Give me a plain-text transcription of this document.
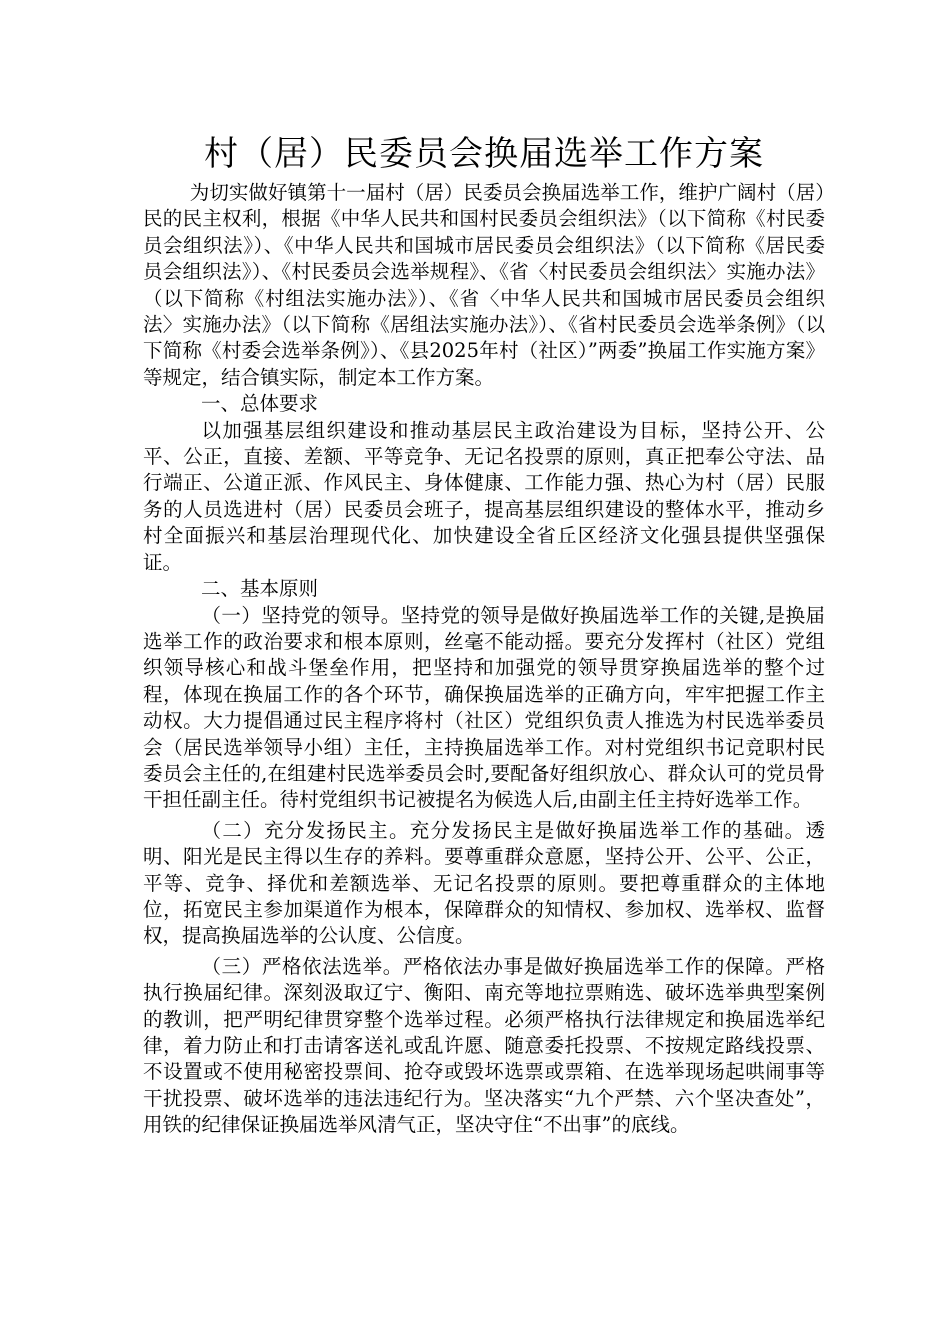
村（居）民委员会换届选举工作方案

为切实做好镇第十一届村（居）民委员会换届选举工作，维护广阔村（居）民的民主权利，根据《中华人民共和国村民委员会组织法》（以下简称《村民委员会组织法》）、《中华人民共和国城市居民委员会组织法》（以下简称《居民委员会组织法》）、《村民委员会选举规程》、《省〈村民委员会组织法〉实施办法》（以下简称《村组法实施办法》）、《省〈中华人民共和国城市居民委员会组织法〉实施办法》（以下简称《居组法实施办法》）、《省村民委员会选举条例》（以下简称《村委会选举条例》）、《县2025年村（社区）”两委”换届工作实施方案》等规定，结合镇实际，制定本工作方案。

一、总体要求

以加强基层组织建设和推动基层民主政治建设为目标，坚持公开、公平、公正，直接、差额、平等竞争、无记名投票的原则，真正把奉公守法、品行端正、公道正派、作风民主、身体健康、工作能力强、热心为村（居）民服务的人员选进村（居）民委员会班子，提高基层组织建设的整体水平，推动乡村全面振兴和基层治理现代化、加快建设全省丘区经济文化强县提供坚强保证。

二、基本原则

（一）坚持党的领导。坚持党的领导是做好换届选举工作的关键,是换届选举工作的政治要求和根本原则，丝毫不能动摇。要充分发挥村（社区）党组织领导核心和战斗堡垒作用，把坚持和加强党的领导贯穿换届选举的整个过程，体现在换届工作的各个环节，确保换届选举的正确方向，牢牢把握工作主动权。大力提倡通过民主程序将村（社区）党组织负责人推选为村民选举委员会（居民选举领导小组）主任，主持换届选举工作。对村党组织书记竞职村民委员会主任的,在组建村民选举委员会时,要配备好组织放心、群众认可的党员骨干担任副主任。待村党组织书记被提名为候选人后,由副主任主持好选举工作。

（二）充分发扬民主。充分发扬民主是做好换届选举工作的基础。透明、阳光是民主得以生存的养料。要尊重群众意愿，坚持公开、公平、公正，平等、竞争、择优和差额选举、无记名投票的原则。要把尊重群众的主体地位，拓宽民主参加渠道作为根本，保障群众的知情权、参加权、选举权、监督权，提高换届选举的公认度、公信度。

（三）严格依法选举。严格依法办事是做好换届选举工作的保障。严格执行换届纪律。深刻汲取辽宁、衡阳、南充等地拉票贿选、破坏选举典型案例的教训，把严明纪律贯穿整个选举过程。必须严格执行法律规定和换届选举纪律，着力防止和打击请客送礼或乱许愿、随意委托投票、不按规定路线投票、不设置或不使用秘密投票间、抢夺或毁坏选票或票箱、在选举现场起哄闹事等干扰投票、破坏选举的违法违纪行为。坚决落实“九个严禁、六个坚决查处”，用铁的纪律保证换届选举风清气正，坚决守住“不出事”的底线。
